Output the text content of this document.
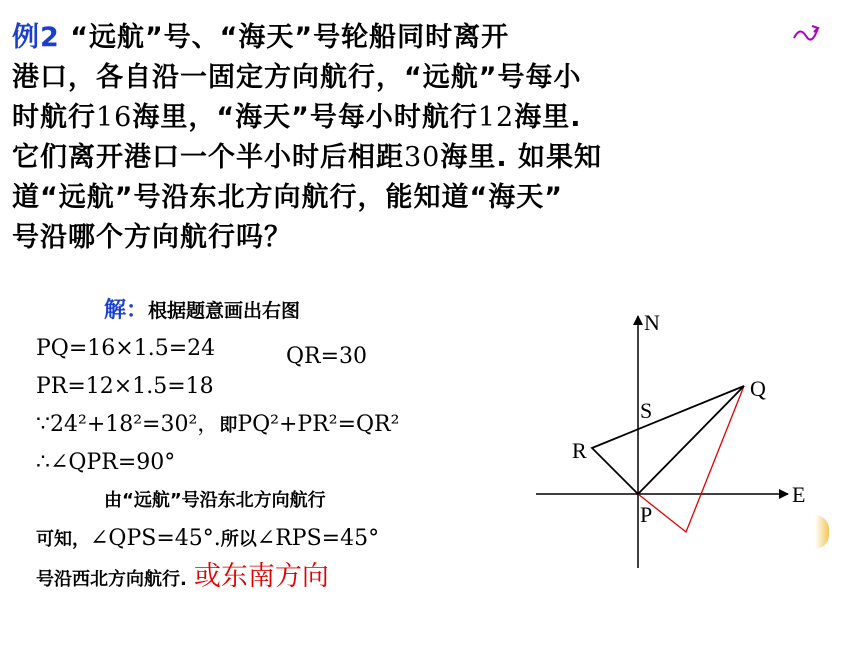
例2 “远航”号、“海天”号轮船同时离开
港口，各自沿一固定方向航行，“远航”号每小
时航行16海里，“海天”号每小时航行12海里.
它们离开港口一个半小时后相距30海里. 如果知
道“远航”号沿东北方向航行，能知道“海天”
号沿哪个方向航行吗？
解：根据题意画出右图
PQ=16×1.5=24
PR=12×1.5=18
∵24²+18²=30²，即PQ²+PR²=QR²
∴∠QPR=90°
由“远航”号沿东北方向航行
可知，∠QPS=45°.所以∠RPS=45°
号沿西北方向航行. 或东南方向
QR=30
N
E
S
P
Q
R
